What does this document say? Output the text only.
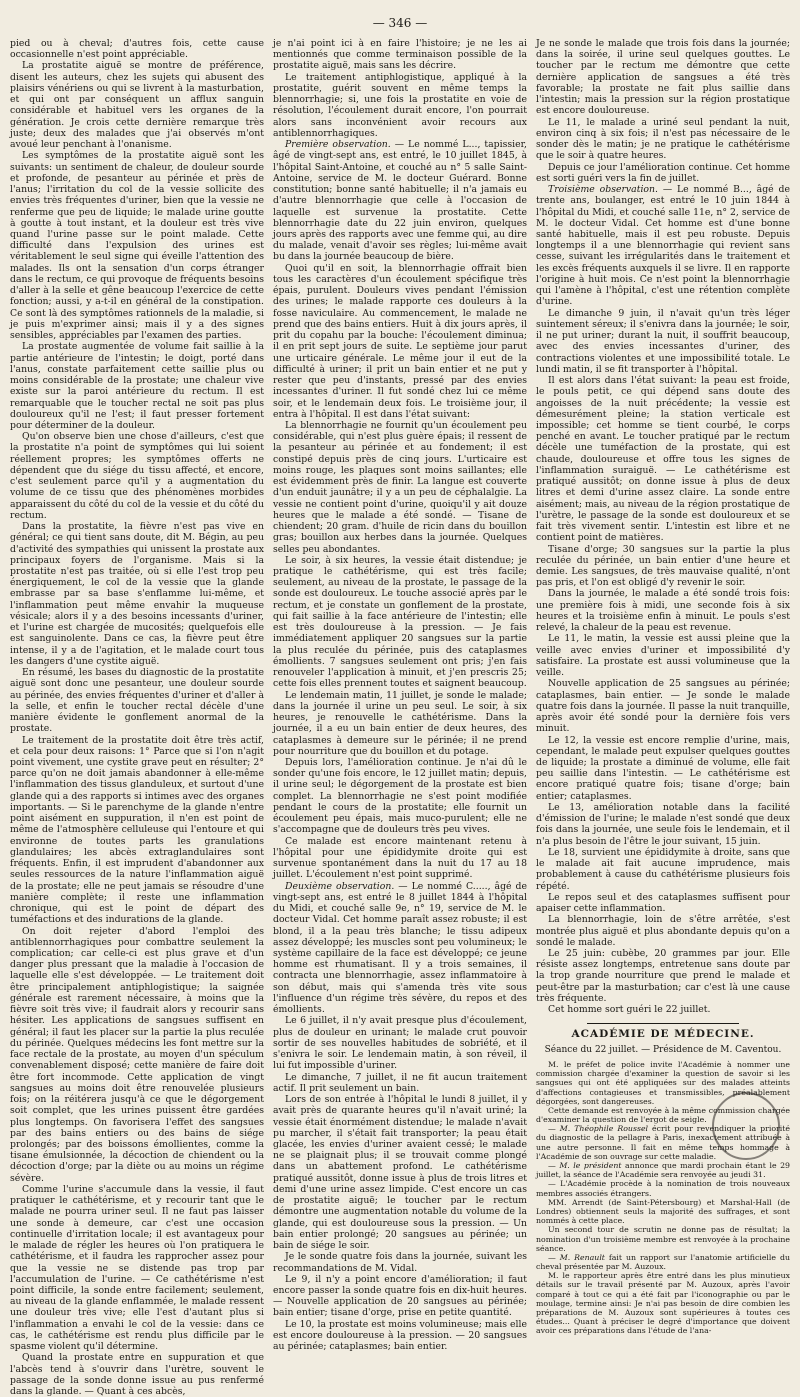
— 346 —

pied ou à cheval; d'autres fois, cette cause occasionnelle n'est point appréciable.

La prostatite aiguë se montre de préférence, disent les auteurs, chez les sujets qui abusent des plaisirs vénériens ou qui se livrent à la masturbation, et qui ont par conséquent un afflux sanguin considérable et habituel vers les organes de la génération. Je crois cette dernière remarque très juste; deux des malades que j'ai observés m'ont avoué leur penchant à l'onanisme.

Les symptômes de la prostatite aiguë sont les suivants: un sentiment de chaleur, de douleur sourde et profonde, de pesanteur au périnée et près de l'anus; l'irritation du col de la vessie sollicite des envies très fréquentes d'uriner, bien que la vessie ne renferme que peu de liquide; le malade urine goutte à goutte à tout instant, et la douleur est très vive quand l'urine passe sur le point malade. Cette difficulté dans l'expulsion des urines est véritablement le seul signe qui éveille l'attention des malades. Ils ont la sensation d'un corps étranger dans le rectum, ce qui provoque de fréquents besoins d'aller à la selle et gêne beaucoup l'exercice de cette fonction; aussi, y a-t-il en général de la constipation. Ce sont là des symptômes rationnels de la maladie, si je puis m'exprimer ainsi; mais il y a des signes sensibles, appréciables par l'examen des parties.

La prostate augmentée de volume fait saillie à la partie antérieure de l'intestin; le doigt, porté dans l'anus, constate parfaitement cette saillie plus ou moins considérable de la prostate; une chaleur vive existe sur la paroi antérieure du rectum. Il est remarquable que le toucher rectal ne soit pas plus douloureux qu'il ne l'est; il faut presser fortement pour déterminer de la douleur.

Qu'on observe bien une chose d'ailleurs, c'est que la prostatite n'a point de symptômes qui lui soient réellement propres; les symptômes offerts ne dépendent que du siége du tissu affecté, et encore, c'est seulement parce qu'il y a augmentation du volume de ce tissu que des phénomènes morbides apparaissent du côté du col de la vessie et du côté du rectum.

Dans la prostatite, la fièvre n'est pas vive en général; ce qui tient sans doute, dit M. Bégin, au peu d'activité des sympathies qui unissent la prostate aux principaux foyers de l'organisme. Mais si la prostatite n'est pas traitée, où si elle l'est trop peu énergiquement, le col de la vessie que la glande embrasse par sa base s'enflamme lui-même, et l'inflammation peut même envahir la muqueuse vésicale; alors il y a des besoins incessants d'uriner, et l'urine est chargée de mucosités; quelquefois elle est sanguinolente. Dans ce cas, la fièvre peut être intense, il y a de l'agitation, et le malade court tous les dangers d'une cystite aiguë.

En résumé, les bases du diagnostic de la prostatite aiguë sont donc une pesanteur, une douleur sourde au périnée, des envies fréquentes d'uriner et d'aller à la selle, et enfin le toucher rectal décèle d'une manière évidente le gonflement anormal de la prostate.

Le traitement de la prostatite doit être très actif, et cela pour deux raisons: 1° Parce que si l'on n'agit point vivement, une cystite grave peut en résulter; 2° parce qu'on ne doit jamais abandonner à elle-même l'inflammation des tissus glanduleux, et surtout d'une glande qui a des rapports si intimes avec des organes importants. — Si le parenchyme de la glande n'entre point aisément en suppuration, il n'en est point de même de l'atmosphère celluleuse qui l'entoure et qui environne de toutes parts les granulations glandulaires; les abcès extraglandulaires sont fréquents. Enfin, il est imprudent d'abandonner aux seules ressources de la nature l'inflammation aiguë de la prostate; elle ne peut jamais se résoudre d'une manière complète; il reste une inflammation chronique, qui est le point de départ des tuméfactions et des indurations de la glande.

On doit rejeter d'abord l'emploi des antiblennorrhagiques pour combattre seulement la complication; car celle-ci est plus grave et d'un danger plus pressant que la maladie à l'occasion de laquelle elle s'est développée. — Le traitement doit être principalement antiphlogistique; la saignée générale est rarement nécessaire, à moins que la fièvre soit très vive; il faudrait alors y recourir sans hésiter. Les applications de sangsues suffisent en général; il faut les placer sur la partie la plus reculée du périnée. Quelques médecins les font mettre sur la face rectale de la prostate, au moyen d'un spéculum convenablement disposé; cette manière de faire doit être fort incommode. Cette application de vingt sangsues au moins doit être renouvelée plusieurs fois; on la réitérera jusqu'à ce que le dégorgement soit complet, que les urines puissent être gardées plus longtemps. On favorisera l'effet des sangsues par des bains entiers ou des bains de siége prolongés; par des boissons émollientes, comme la tisane émulsionnée, la décoction de chiendent ou la décoction d'orge; par la diète ou au moins un régime sévère.

Comme l'urine s'accumule dans la vessie, il faut pratiquer le cathétérisme, et y recourir tant que le malade ne pourra uriner seul. Il ne faut pas laisser une sonde à demeure, car c'est une occasion continuelle d'irritation locale; il est avantageux pour le malade de régler les heures où l'on pratiquera le cathétérisme, et il faudra les rapprocher assez pour que la vessie ne se distende pas trop par l'accumulation de l'urine. — Ce cathétérisme n'est point difficile, la sonde entre facilement; seulement, au niveau de la glande enflammée, le malade ressent une douleur très vive; elle l'est d'autant plus si l'inflammation a envahi le col de la vessie: dans ce cas, le cathétérisme est rendu plus difficile par le spasme violent qu'il détermine.

Quand la prostate entre en suppuration et que l'abcès tend à s'ouvrir dans l'urètre, souvent le passage de la sonde donne issue au pus renfermé dans la glande. — Quant à ces abcès,

je n'ai point ici à en faire l'histoire; je ne les ai mentionnés que comme terminaison possible de la prostatite aiguë, mais sans les décrire.

Le traitement antiphlogistique, appliqué à la prostatite, guérit souvent en même temps la blennorrhagie; si, une fois la prostatite en voie de résolution, l'écoulement durait encore, l'on pourrait alors sans inconvénient avoir recours aux antiblennorrhagiques.

Première observation. — Le nommé L..., tapissier, âgé de vingt-sept ans, est entré, le 10 juillet 1845, à l'hôpital Saint-Antoine, et couché au n° 5 salle Saint-Antoine, service de M. le docteur Guérard. Bonne constitution; bonne santé habituelle; il n'a jamais eu d'autre blennorrhagie que celle à l'occasion de laquelle est survenue la prostatite. Cette blennorrhagie date du 22 juin environ, quelques jours après des rapports avec une femme qui, au dire du malade, venait d'avoir ses règles; lui-même avait bu dans la journée beaucoup de bière.

Quoi qu'il en soit, la blennorrhagie offrait bien tous les caractères d'un écoulement spécifique très épais, purulent. Douleurs vives pendant l'émission des urines; le malade rapporte ces douleurs à la fosse naviculaire. Au commencement, le malade ne prend que des bains entiers. Huit à dix jours après, il prit du copahu par la bouche: l'écoulement diminua; il en prit sept jours de suite. Le septième jour parut une urticaire générale. Le même jour il eut de la difficulté à uriner; il prit un bain entier et ne put y rester que peu d'instants, pressé par des envies incessantes d'uriner. Il fut sondé chez lui ce même soir, et le lendemain deux fois. Le troisième jour, il entra à l'hôpital. Il est dans l'état suivant:

La blennorrhagie ne fournit qu'un écoulement peu considérable, qui n'est plus guère épais; il ressent de la pesanteur au périnée et au fondement; il est constipé depuis près de cinq jours. L'urticaire est moins rouge, les plaques sont moins saillantes; elle est évidemment près de finir. La langue est couverte d'un enduit jaunâtre; il y a un peu de céphalalgie. La vessie ne contient point d'urine, quoiqu'il y ait douze heures que le malade a été sondé. — Tisane de chiendent; 20 gram. d'huile de ricin dans du bouillon gras; bouillon aux herbes dans la journée. Quelques selles peu abondantes.

Le soir, à six heures, la vessie était distendue; je pratique le cathétérisme, qui est très facile; seulement, au niveau de la prostate, le passage de la sonde est douloureux. Le touche associé après par le rectum, et je constate un gonflement de la prostate, qui fait saillie à la face antérieure de l'intestin; elle est très douloureuse à la pression. — Je fais immédiatement appliquer 20 sangsues sur la partie la plus reculée du périnée, puis des cataplasmes émollients. 7 sangsues seulement ont pris; j'en fais renouveler l'application à minuit, et j'en prescris 25; cette fois elles prennent toutes et saignent beaucoup.

Le lendemain matin, 11 juillet, je sonde le malade; dans la journée il urine un peu seul. Le soir, à six heures, je renouvelle le cathétérisme. Dans la journée, il a eu un bain entier de deux heures, des cataplasmes à demeure sur le périnée; il ne prend pour nourriture que du bouillon et du potage.

Depuis lors, l'amélioration continue. Je n'ai dû le sonder qu'une fois encore, le 12 juillet matin; depuis, il urine seul; le dégorgement de la prostate est bien complet. La blennorrhagie ne s'est point modifiée pendant le cours de la prostatite; elle fournit un écoulement peu épais, mais muco-purulent; elle ne s'accompagne que de douleurs très peu vives.

Ce malade est encore maintenant retenu à l'hôpital pour une épididymite droite qui est survenue spontanément dans la nuit du 17 au 18 juillet. L'écoulement n'est point supprimé.

Deuxième observation. — Le nommé C....., âgé de vingt-sept ans, est entré le 8 juillet 1844 à l'hôpital du Midi, et couché salle 9e, n° 19, service de M. le docteur Vidal. Cet homme paraît assez robuste; il est blond, il a la peau très blanche; le tissu adipeux assez développé; les muscles sont peu volumineux; le système capillaire de la face est développé; ce jeune homme est rhumatisant. Il y a trois semaines, il contracta une blennorrhagie, assez inflammatoire à son début, mais qui s'amenda très vite sous l'influence d'un régime très sévère, du repos et des émollients.

Le 6 juillet, il n'y avait presque plus d'écoulement, plus de douleur en urinant; le malade crut pouvoir sortir de ses nouvelles habitudes de sobriété, et il s'enivra le soir. Le lendemain matin, à son réveil, il lui fut impossible d'uriner.

Le dimanche, 7 juillet, il ne fit aucun traitement actif. Il prit seulement un bain.

Lors de son entrée à l'hôpital le lundi 8 juillet, il y avait près de quarante heures qu'il n'avait uriné; la vessie était énormément distendue; le malade n'avait pu marcher, il s'était fait transporter; la peau était glacée, les envies d'uriner avaient cessé; le malade ne se plaignait plus; il se trouvait comme plongé dans un abattement profond. Le cathétérisme pratiqué aussitôt, donne issue à plus de trois litres et demi d'une urine assez limpide. C'est encore un cas de prostatite aiguë; le toucher par le rectum démontre une augmentation notable du volume de la glande, qui est douloureuse sous la pression. — Un bain entier prolongé; 20 sangsues au périnée; un bain de siége le soir.

Je le sonde quatre fois dans la journée, suivant les recommandations de M. Vidal.

Le 9, il n'y a point encore d'amélioration; il faut encore passer la sonde quatre fois en dix-huit heures. — Nouvelle application de 20 sangsues au périnée; bain entier; tisane d'orge, prise en petite quantité.

Le 10, la prostate est moins volumineuse; mais elle est encore douloureuse à la pression. — 20 sangsues au périnée; cataplasmes; bain entier.

Je ne sonde le malade que trois fois dans la journée; dans la soirée, il urine seul quelques gouttes. Le toucher par le rectum me démontre que cette dernière application de sangsues a été très favorable; la prostate ne fait plus saillie dans l'intestin; mais la pression sur la région prostatique est encore douloureuse.

Le 11, le malade a uriné seul pendant la nuit, environ cinq à six fois; il n'est pas nécessaire de le sonder dès le matin; je ne pratique le cathétérisme que le soir à quatre heures.

Depuis ce jour l'amélioration continue. Cet homme est sorti guéri vers la fin de juillet.

Troisième observation. — Le nommé B..., âgé de trente ans, boulanger, est entré le 10 juin 1844 à l'hôpital du Midi, et couché salle 11e, n° 2, service de M. le docteur Vidal. Cet homme est d'une bonne santé habituelle, mais il est peu robuste. Depuis longtemps il a une blennorrhagie qui revient sans cesse, suivant les irrégularités dans le traitement et les excès fréquents auxquels il se livre. Il en rapporte l'origine à huit mois. Ce n'est point la blennorrhagie qui l'amène à l'hôpital, c'est une rétention complète d'urine.

Le dimanche 9 juin, il n'avait qu'un très léger suintement séreux; il s'enivra dans la journée; le soir, il ne put uriner; durant la nuit, il souffrit beaucoup, avec des envies incessantes d'uriner, des contractions violentes et une impossibilité totale. Le lundi matin, il se fit transporter à l'hôpital.

Il est alors dans l'état suivant: la peau est froide, le pouls petit, ce qui dépend sans doute des angoisses de la nuit précédente; la vessie est démesurément pleine; la station verticale est impossible; cet homme se tient courbé, le corps penché en avant. Le toucher pratiqué par le rectum décèle une tuméfaction de la prostate, qui est chaude, douloureuse et offre tous les signes de l'inflammation suraiguë. — Le cathétérisme est pratiqué aussitôt; on donne issue à plus de deux litres et demi d'urine assez claire. La sonde entre aisément; mais, au niveau de la région prostatique de l'urètre, le passage de la sonde est douloureux et se fait très vivement sentir. L'intestin est libre et ne contient point de matières.

Tisane d'orge; 30 sangsues sur la partie la plus reculée du périnée, un bain entier d'une heure et demie. Les sangsues, de très mauvaise qualité, n'ont pas pris, et l'on est obligé d'y revenir le soir.

Dans la journée, le malade a été sondé trois fois: une première fois à midi, une seconde fois à six heures et la troisième enfin à minuit. Le pouls s'est relevé, la chaleur de la peau est revenue.

Le 11, le matin, la vessie est aussi pleine que la veille avec envies d'uriner et impossibilité d'y satisfaire. La prostate est aussi volumineuse que la veille.

Nouvelle application de 25 sangsues au périnée; cataplasmes, bain entier. — Je sonde le malade quatre fois dans la journée. Il passe la nuit tranquille, après avoir été sondé pour la dernière fois vers minuit.

Le 12, la vessie est encore remplie d'urine, mais, cependant, le malade peut expulser quelques gouttes de liquide; la prostate a diminué de volume, elle fait peu saillie dans l'intestin. — Le cathétérisme est encore pratiqué quatre fois; tisane d'orge; bain entier; cataplasmes.

Le 13, amélioration notable dans la facilité d'émission de l'urine; le malade n'est sondé que deux fois dans la journée, une seule fois le lendemain, et il n'a plus besoin de l'être le jour suivant, 15 juin.

Le 18, survient une épididymite à droite, sans que le malade ait fait aucune imprudence, mais probablement à cause du cathétérisme plusieurs fois répété.

Le repos seul et des cataplasmes suffisent pour apaiser cette inflammation.

La blennorrhagie, loin de s'être arrêtée, s'est montrée plus aiguë et plus abondante depuis qu'on a sondé le malade.

Le 25 juin: cubèbe, 20 grammes par jour. Elle résiste assez longtemps, entretenue sans doute par la trop grande nourriture que prend le malade et peut-être par la masturbation; car c'est là une cause très fréquente.

Cet homme sort guéri le 22 juillet.

ACADÉMIE DE MÉDECINE.
Séance du 22 juillet. — Présidence de M. Caventou.

M. le préfet de police invite l'Académie à nommer une commission chargée d'examiner la question de savoir si les sangsues qui ont été appliquées sur des malades atteints d'affections contagieuses et transmissibles, préalablement dégorgées, sont dangereuses.

Cette demande est renvoyée à la même commission chargée d'examiner la question de l'ergot de seigle.

— M. Théophile Roussel écrit pour revendiquer la priorité du diagnostic de la pellagre à Paris, inexactement attribuée à une autre personne. Il fait en même temps hommage à l'Académie de son ouvrage sur cette maladie.

— M. le président annonce que mardi prochain étant le 29 juillet, la séance de l'Académie sera renvoyée au jeudi 31.

— L'Académie procède à la nomination de trois nouveaux membres associés étrangers.

MM. Arrendt (de Saint-Pétersbourg) et Marshal-Hall (de Londres) obtiennent seuls la majorité des suffrages, et sont nommés à cette place.

Un second tour de scrutin ne donne pas de résultat; la nomination d'un troisième membre est renvoyée à la prochaine séance.

— M. Renault fait un rapport sur l'anatomie artificielle du cheval présentée par M. Auzoux.

M. le rapporteur après être entré dans les plus minutieux détails sur le travail présenté par M. Auzoux, après l'avoir comparé à tout ce qui a été fait par l'iconographie ou par le moulage, termine ainsi: Je n'ai pas besoin de dire combien les préparations de M. Auzoux sont supérieures à toutes ces études... Quant à préciser le degré d'importance que doivent avoir ces préparations dans l'étude de l'ana-
